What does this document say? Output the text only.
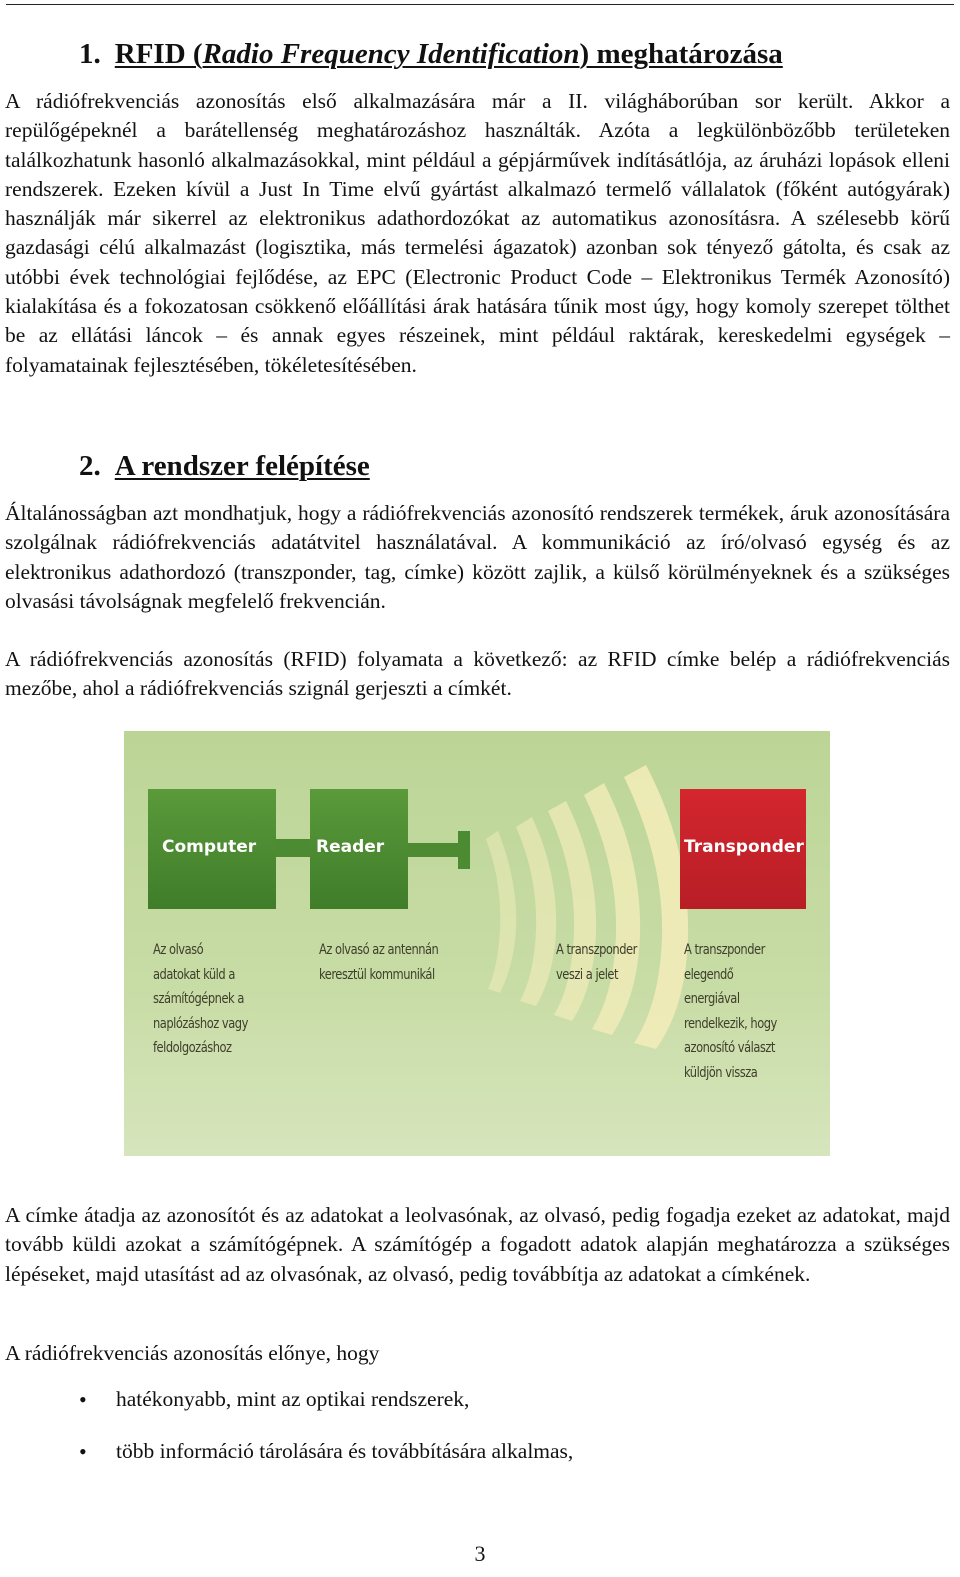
1. RFID (Radio Frequency Identification) meghatározása

A rádiófrekvenciás azonosítás első alkalmazására már a II. világháborúban sor került. Akkor a repülőgépeknél a barátellenség meghatározáshoz használták. Azóta a legkülönbözőbb területeken találkozhatunk hasonló alkalmazásokkal, mint például a gépjárművek indításátlója, az áruházi lopások elleni rendszerek. Ezeken kívül a Just In Time elvű gyártást alkalmazó termelő vállalatok (főként autógyárak) használják már sikerrel az elektronikus adathordozókat az automatikus azonosításra. A szélesebb körű gazdasági célú alkalmazást (logisztika, más termelési ágazatok) azonban sok tényező gátolta, és csak az utóbbi évek technológiai fejlődése, az EPC (Electronic Product Code – Elektronikus Termék Azonosító) kialakítása és a fokozatosan csökkenő előállítási árak hatására tűnik most úgy, hogy komoly szerepet tölthet be az ellátási láncok – és annak egyes részeinek, mint például raktárak, kereskedelmi egységek – folyamatainak fejlesztésében, tökéletesítésében.

2. A rendszer felépítése

Általánosságban azt mondhatjuk, hogy a rádiófrekvenciás azonosító rendszerek termékek, áruk azonosítására szolgálnak rádiófrekvenciás adatátvitel használatával. A kommunikáció az író/olvasó egység és az elektronikus adathordozó (transzponder, tag, címke) között zajlik, a külső körülményeknek és a szükséges olvasási távolságnak megfelelő frekvencián.

A rádiófrekvenciás azonosítás (RFID) folyamata a következő: az RFID címke belép a rádiófrekvenciás mezőbe, ahol a rádiófrekvenciás szignál gerjeszti a címkét.

A címke átadja az azonosítót és az adatokat a leolvasónak, az olvasó, pedig fogadja ezeket az adatokat, majd tovább küldi azokat a számítógépnek. A számítógép a fogadott adatok alapján meghatározza a szükséges lépéseket, majd utasítást ad az olvasónak, az olvasó, pedig továbbítja az adatokat a címkének.

A rádiófrekvenciás azonosítás előnye, hogy

• hatékonyabb, mint az optikai rendszerek,
• több információ tárolására és továbbítására alkalmas,
Computer	Reader	Transponder
Az olvasó
adatokat küld a
számítógépnek a
naplózáshoz vagy
feldolgozáshoz
Az olvasó az antennán
keresztül kommunikál
A transzponder
veszi a jelet
A transzponder
elegendő
energiával
rendelkezik, hogy
azonosító választ
küldjön vissza
3
